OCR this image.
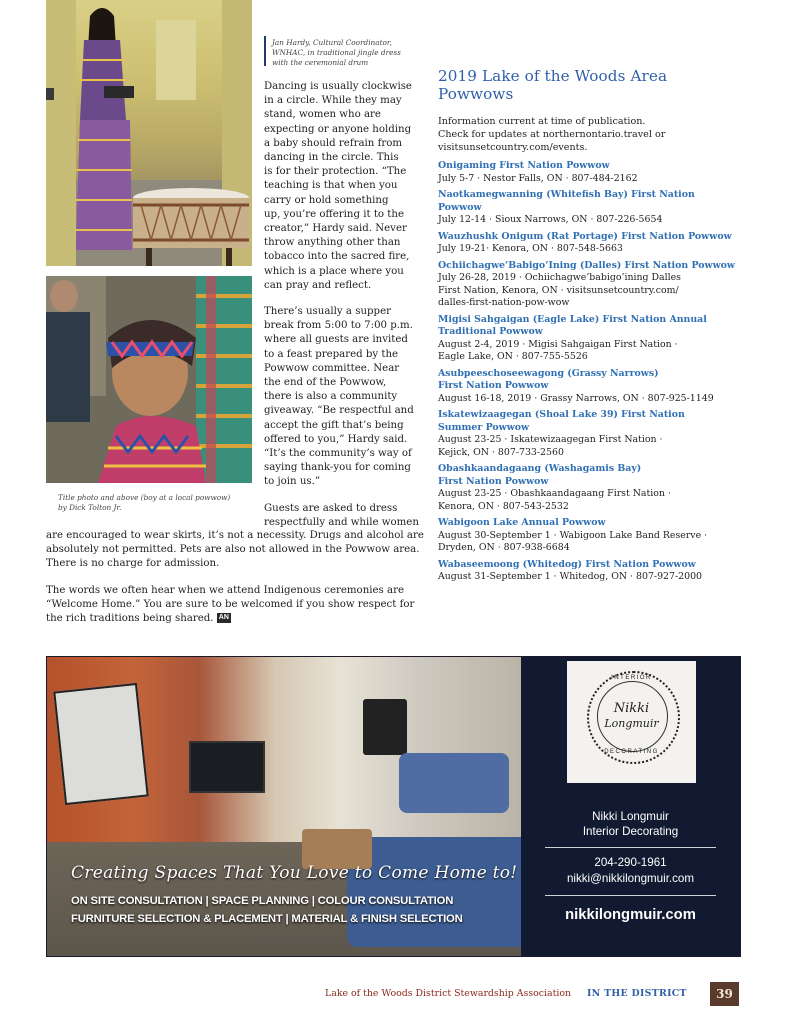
Jan Hardy, Cultural Coordinator,
WNHAC, in traditional jingle dress
with the ceremonial drum
Title photo and above (boy at a local powwow)
by Dick Tolton Jr.
Dancing is usually clockwise
in a circle. While they may
stand, women who are
expecting or anyone holding
a baby should refrain from
dancing in the circle. This
is for their protection. “The
teaching is that when you
carry or hold something
up, you’re offering it to the
creator,” Hardy said. Never
throw anything other than
tobacco into the sacred fire,
which is a place where you
can pray and reflect.
There’s usually a supper
break from 5:00 to 7:00 p.m.
where all guests are invited
to a feast prepared by the
Powwow committee. Near
the end of the Powwow,
there is also a community
giveaway. “Be respectful and
accept the gift that’s being
offered to you,” Hardy said.
“It’s the community’s way of
saying thank-you for coming
to join us.”
Guests are asked to dress
respectfully and while women
are encouraged to wear skirts, it’s not a necessity. Drugs and alcohol are
absolutely not permitted. Pets are also not allowed in the Powwow area.
There is no charge for admission.
The words we often hear when we attend Indigenous ceremonies are
“Welcome Home.” You are sure to be welcomed if you show respect for
the rich traditions being shared. AN
2019 Lake of the Woods Area Powwows
Information current at time of publication.
Check for updates at northernontario.travel or
visitsunsetcountry.com/events.
Onigaming First Nation Powwow
July 5-7 · Nestor Falls, ON · 807-484-2162
Naotkamegwanning (Whitefish Bay) First Nation Powwow
July 12-14 · Sioux Narrows, ON · 807-226-5654
Wauzhushk Onigum (Rat Portage) First Nation Powwow
July 19-21· Kenora, ON · 807-548-5663
Ochiichagwe’Babigo’Ining (Dalles) First Nation Powwow
July 26-28, 2019 · Ochiichagwe’babigo’ining Dalles
First Nation, Kenora, ON · visitsunsetcountry.com/
dalles-first-nation-pow-wow
Migisi Sahgaigan (Eagle Lake) First Nation Annual
Traditional Powwow
August 2-4, 2019 · Migisi Sahgaigan First Nation ·
Eagle Lake, ON · 807-755-5526
Asubpeeschoseewagong (Grassy Narrows)
First Nation Powwow
August 16-18, 2019 · Grassy Narrows, ON · 807-925-1149
Iskatewizaagegan (Shoal Lake 39) First Nation
Summer Powwow
August 23-25 · Iskatewizaagegan First Nation ·
Kejick, ON · 807-733-2560
Obashkaandagaang (Washagamis Bay)
First Nation Powwow
August 23-25 · Obashkaandagaang First Nation ·
Kenora, ON · 807-543-2532
Wabigoon Lake Annual Powwow
August 30-September 1 · Wabigoon Lake Band Reserve ·
Dryden, ON · 807-938-6684
Wabaseemoong (Whitedog) First Nation Powwow
August 31-September 1 · Whitedog, ON · 807-927-2000
Creating Spaces That You Love to Come Home to!
ON SITE CONSULTATION | SPACE PLANNING | COLOUR CONSULTATION
FURNITURE SELECTION & PLACEMENT | MATERIAL & FINISH SELECTION
INTERIOR
Nikki
Longmuir
DECORATING
Nikki Longmuir
Interior Decorating
204-290-1961
nikki@nikkilongmuir.com
nikkilongmuir.com
Lake of the Woods District Stewardship Association IN THE DISTRICT	39
